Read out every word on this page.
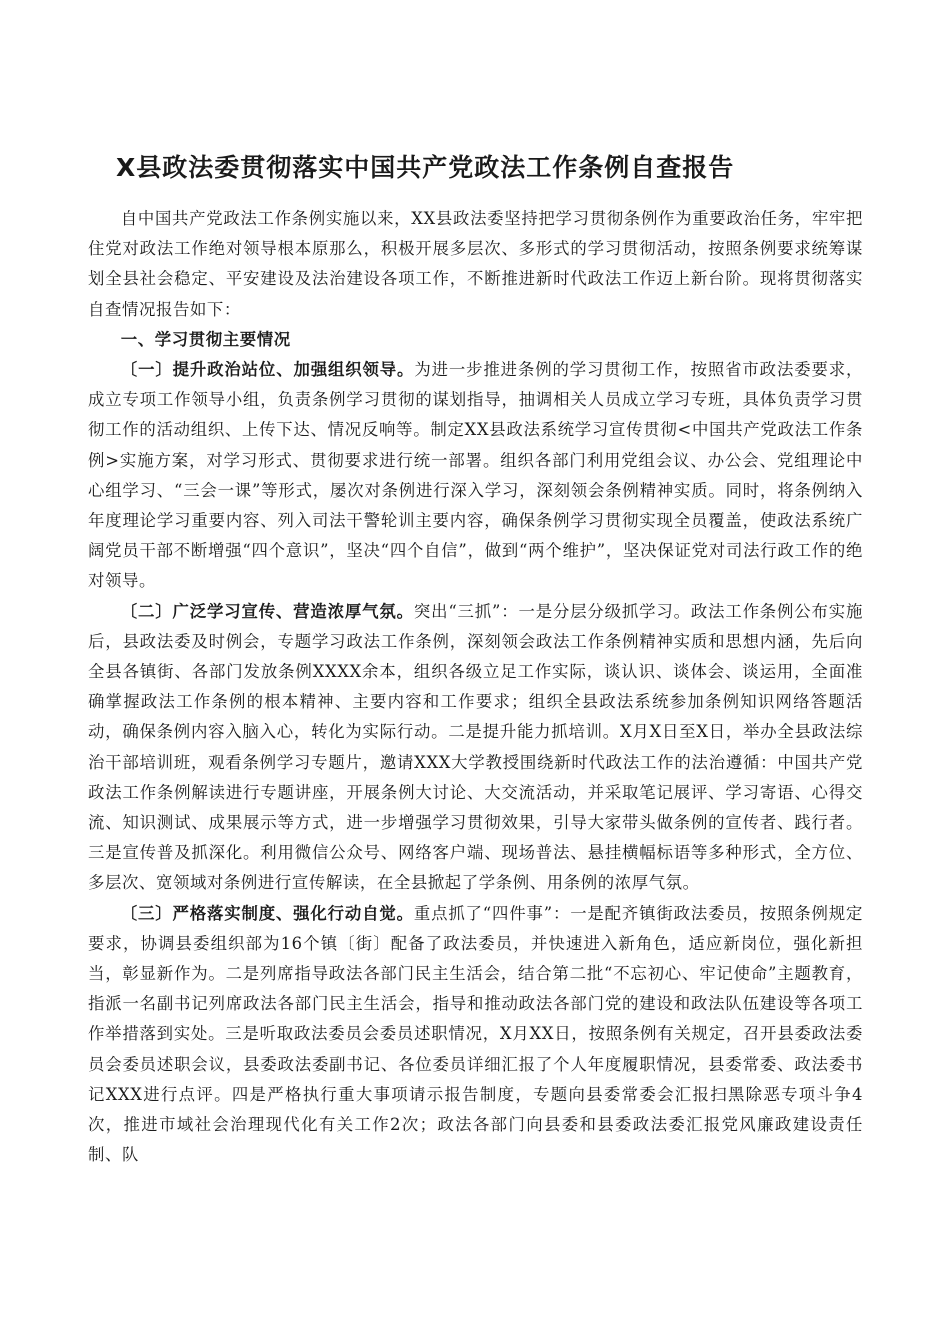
X县政法委贯彻落实中国共产党政法工作条例自查报告

自中国共产党政法工作条例实施以来，XX县政法委坚持把学习贯彻条例作为重要政治任务，牢牢把住党对政法工作绝对领导根本原那么，积极开展多层次、多形式的学习贯彻活动，按照条例要求统筹谋划全县社会稳定、平安建设及法治建设各项工作，不断推进新时代政法工作迈上新台阶。现将贯彻落实自查情况报告如下：

一、学习贯彻主要情况

〔一〕提升政治站位、加强组织领导。为进一步推进条例的学习贯彻工作，按照省市政法委要求，成立专项工作领导小组，负责条例学习贯彻的谋划指导，抽调相关人员成立学习专班，具体负责学习贯彻工作的活动组织、上传下达、情况反响等。制定XX县政法系统学习宣传贯彻<中国共产党政法工作条例>实施方案，对学习形式、贯彻要求进行统一部署。组织各部门利用党组会议、办公会、党组理论中心组学习、“三会一课”等形式，屡次对条例进行深入学习，深刻领会条例精神实质。同时，将条例纳入年度理论学习重要内容、列入司法干警轮训主要内容，确保条例学习贯彻实现全员覆盖，使政法系统广阔党员干部不断增强“四个意识”，坚决“四个自信”，做到“两个维护”，坚决保证党对司法行政工作的绝对领导。

〔二〕广泛学习宣传、营造浓厚气氛。突出“三抓”：一是分层分级抓学习。政法工作条例公布实施后，县政法委及时例会，专题学习政法工作条例，深刻领会政法工作条例精神实质和思想内涵，先后向全县各镇街、各部门发放条例XXXX余本，组织各级立足工作实际，谈认识、谈体会、谈运用，全面准确掌握政法工作条例的根本精神、主要内容和工作要求；组织全县政法系统参加条例知识网络答题活动，确保条例内容入脑入心，转化为实际行动。二是提升能力抓培训。X月X日至X日，举办全县政法综治干部培训班，观看条例学习专题片，邀请XXX大学教授围绕新时代政法工作的法治遵循：中国共产党政法工作条例解读进行专题讲座，开展条例大讨论、大交流活动，并采取笔记展评、学习寄语、心得交流、知识测试、成果展示等方式，进一步增强学习贯彻效果，引导大家带头做条例的宣传者、践行者。三是宣传普及抓深化。利用微信公众号、网络客户端、现场普法、悬挂横幅标语等多种形式，全方位、多层次、宽领域对条例进行宣传解读，在全县掀起了学条例、用条例的浓厚气氛。

〔三〕严格落实制度、强化行动自觉。重点抓了“四件事”：一是配齐镇街政法委员，按照条例规定要求，协调县委组织部为16个镇〔街〕配备了政法委员，并快速进入新角色，适应新岗位，强化新担当，彰显新作为。二是列席指导政法各部门民主生活会，结合第二批“不忘初心、牢记使命”主题教育，指派一名副书记列席政法各部门民主生活会，指导和推动政法各部门党的建设和政法队伍建设等各项工作举措落到实处。三是听取政法委员会委员述职情况，X月XX日，按照条例有关规定，召开县委政法委员会委员述职会议，县委政法委副书记、各位委员详细汇报了个人年度履职情况，县委常委、政法委书记XXX进行点评。四是严格执行重大事项请示报告制度，专题向县委常委会汇报扫黑除恶专项斗争4次，推进市域社会治理现代化有关工作2次；政法各部门向县委和县委政法委汇报党风廉政建设责任制、队
